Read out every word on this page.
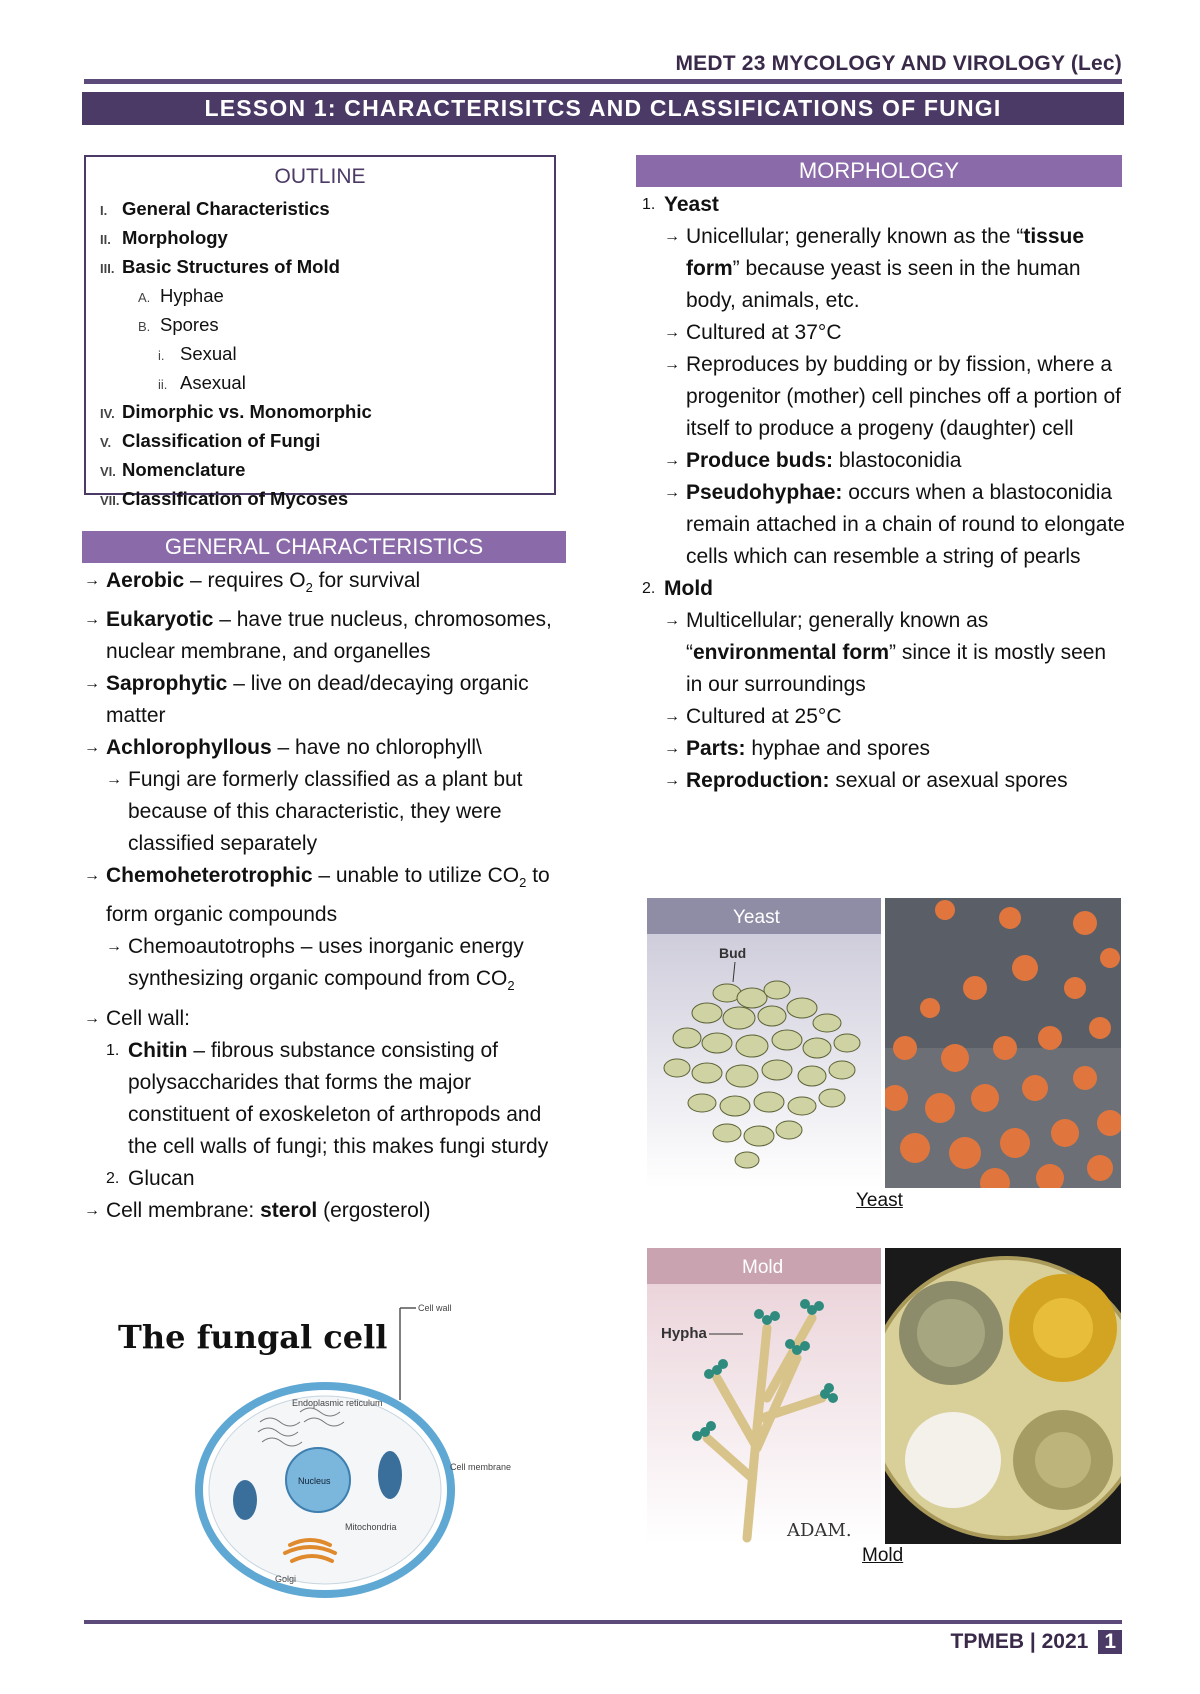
MEDT 23 MYCOLOGY AND VIROLOGY (Lec)
LESSON 1: CHARACTERISITCS AND CLASSIFICATIONS OF FUNGI
OUTLINE
I. General Characteristics
II. Morphology
III. Basic Structures of Mold
A. Hyphae
B. Spores
i. Sexual
ii. Asexual
IV. Dimorphic vs. Monomorphic
V. Classification of Fungi
VI. Nomenclature
VII. Classification of Mycoses
GENERAL CHARACTERISTICS
→ Aerobic – requires $O_2$ for survival
→ Eukaryotic – have true nucleus, chromosomes, nuclear membrane, and organelles
→ Saprophytic – live on dead/decaying organic matter
→ Achlorophyllous – have no chlorophyll\
→ Fungi are formerly classified as a plant but because of this characteristic, they were classified separately
→ Chemoheterotrophic – unable to utilize $CO_2$ to form organic compounds
→ Chemoautotrophs – uses inorganic energy synthesizing organic compound from $CO_2$
→ Cell wall:
1. Chitin – fibrous substance consisting of polysaccharides that forms the major constituent of exoskeleton of arthropods and the cell walls of fungi; this makes fungi sturdy
2. Glucan
→ Cell membrane: sterol (ergosterol)
The fungal cell
Cell wall
Endoplasmic reticulum
Cell membrane
Nucleus
Mitochondria
Golgi
MORPHOLOGY
1. Yeast
→ Unicellular; generally known as the “tissue form” because yeast is seen in the human body, animals, etc.
→ Cultured at 37°C
→ Reproduces by budding or by fission, where a progenitor (mother) cell pinches off a portion of itself to produce a progeny (daughter) cell
→ Produce buds: blastoconidia
→ Pseudohyphae: occurs when a blastoconidia remain attached in a chain of round to elongate cells which can resemble a string of pearls
2. Mold
→ Multicellular; generally known as “environmental form” since it is mostly seen in our surroundings
→ Cultured at 25°C
→ Parts: hyphae and spores
→ Reproduction: sexual or asexual spores
Yeast
Bud
Yeast
Mold
Hypha
ADAM.
Mold
TPMEB | 2021 1
